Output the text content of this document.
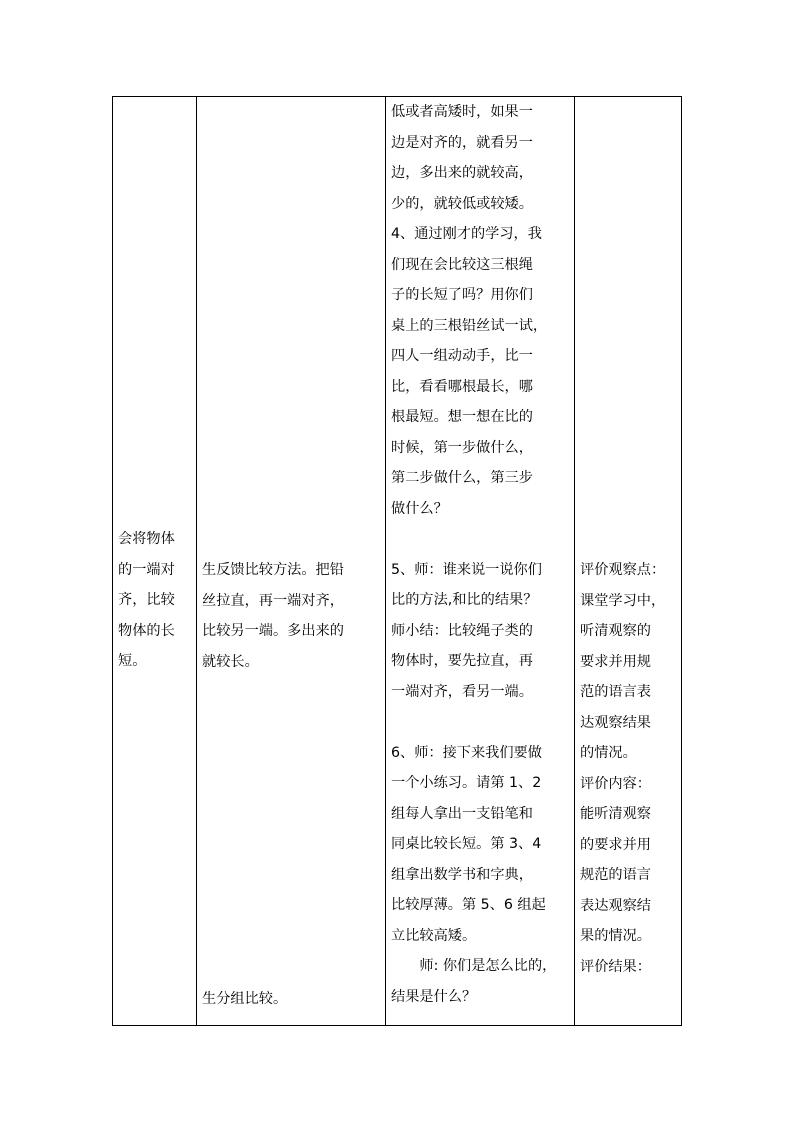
会将物体
的一端对
齐，比较
物体的长
短。

生反馈比较方法。把铅
丝拉直，再一端对齐，
比较另一端。多出来的
就较长。
生分组比较。

低或者高矮时，如果一
边是对齐的，就看另一
边，多出来的就较高，
少的，就较低或较矮。
4、通过刚才的学习，我
们现在会比较这三根绳
子的长短了吗？用你们
桌上的三根铅丝试一试，
四人一组动动手，比一
比，看看哪根最长，哪
根最短。想一想在比的
时候，第一步做什么，
第二步做什么，第三步
做什么？
5、师：谁来说一说你们
比的方法,和比的结果？
师小结：比较绳子类的
物体时，要先拉直，再
一端对齐，看另一端。
6、师：接下来我们要做
一个小练习。请第 1、2
组每人拿出一支铅笔和
同桌比较长短。第 3、4
组拿出数学书和字典，
比较厚薄。第 5、6 组起
立比较高矮。
师: 你们是怎么比的，
结果是什么？

评价观察点：
课堂学习中，
听清观察的
要求并用规
范的语言表
达观察结果
的情况。
评价内容：
能听清观察
的要求并用
规范的语言
表达观察结
果的情况。
评价结果：
